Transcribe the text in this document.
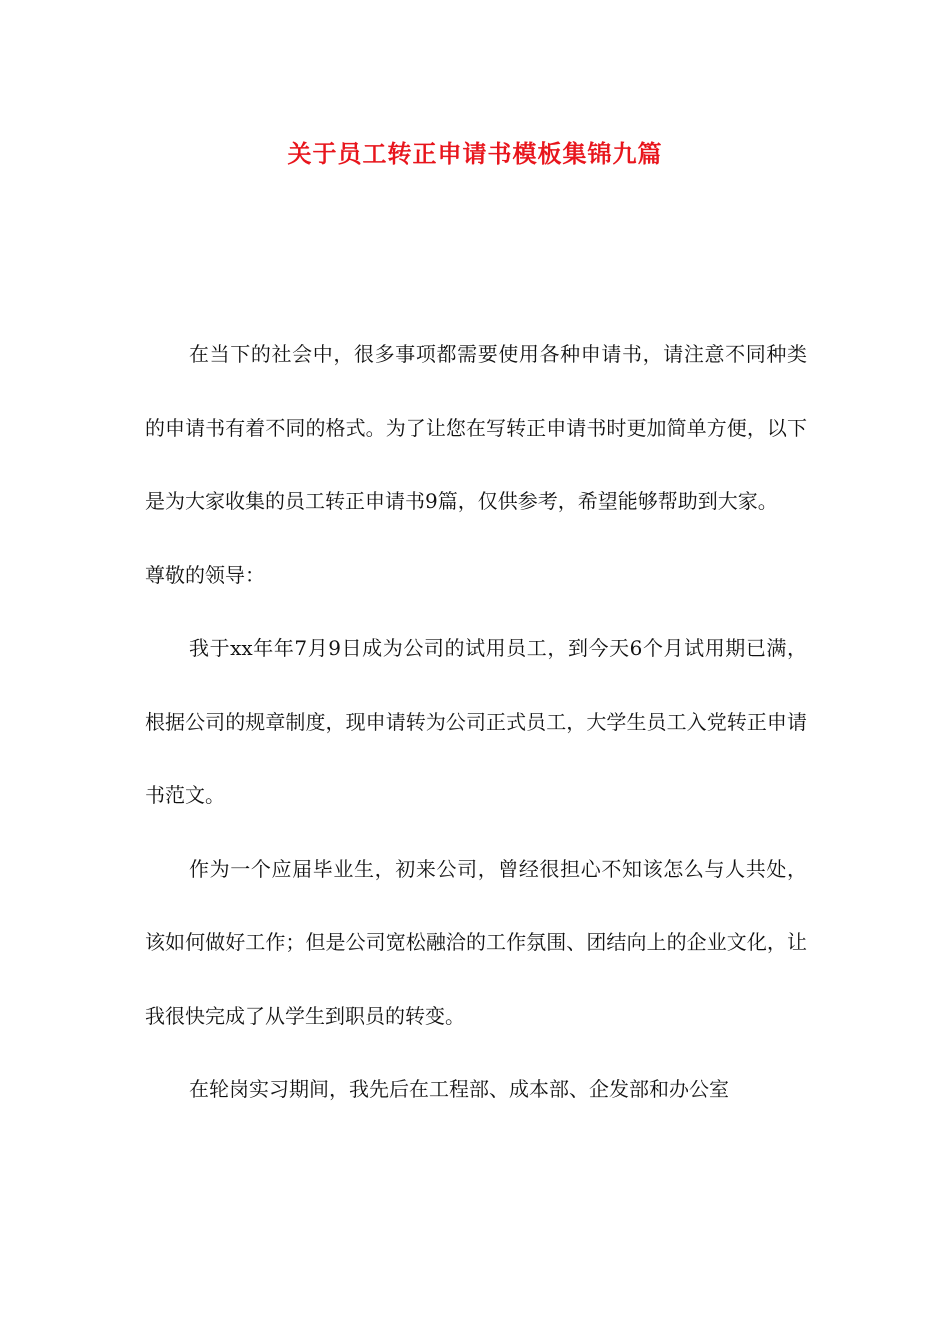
关于员工转正申请书模板集锦九篇

在当下的社会中，很多事项都需要使用各种申请书，请注意不同种类的申请书有着不同的格式。为了让您在写转正申请书时更加简单方便，以下是为大家收集的员工转正申请书9篇，仅供参考，希望能够帮助到大家。

尊敬的领导：

我于xx年年7月9日成为公司的试用员工，到今天6个月试用期已满，根据公司的规章制度，现申请转为公司正式员工，大学生员工入党转正申请书范文。

作为一个应届毕业生，初来公司，曾经很担心不知该怎么与人共处，该如何做好工作；但是公司宽松融洽的工作氛围、团结向上的企业文化，让我很快完成了从学生到职员的转变。

在轮岗实习期间，我先后在工程部、成本部、企发部和办公室
